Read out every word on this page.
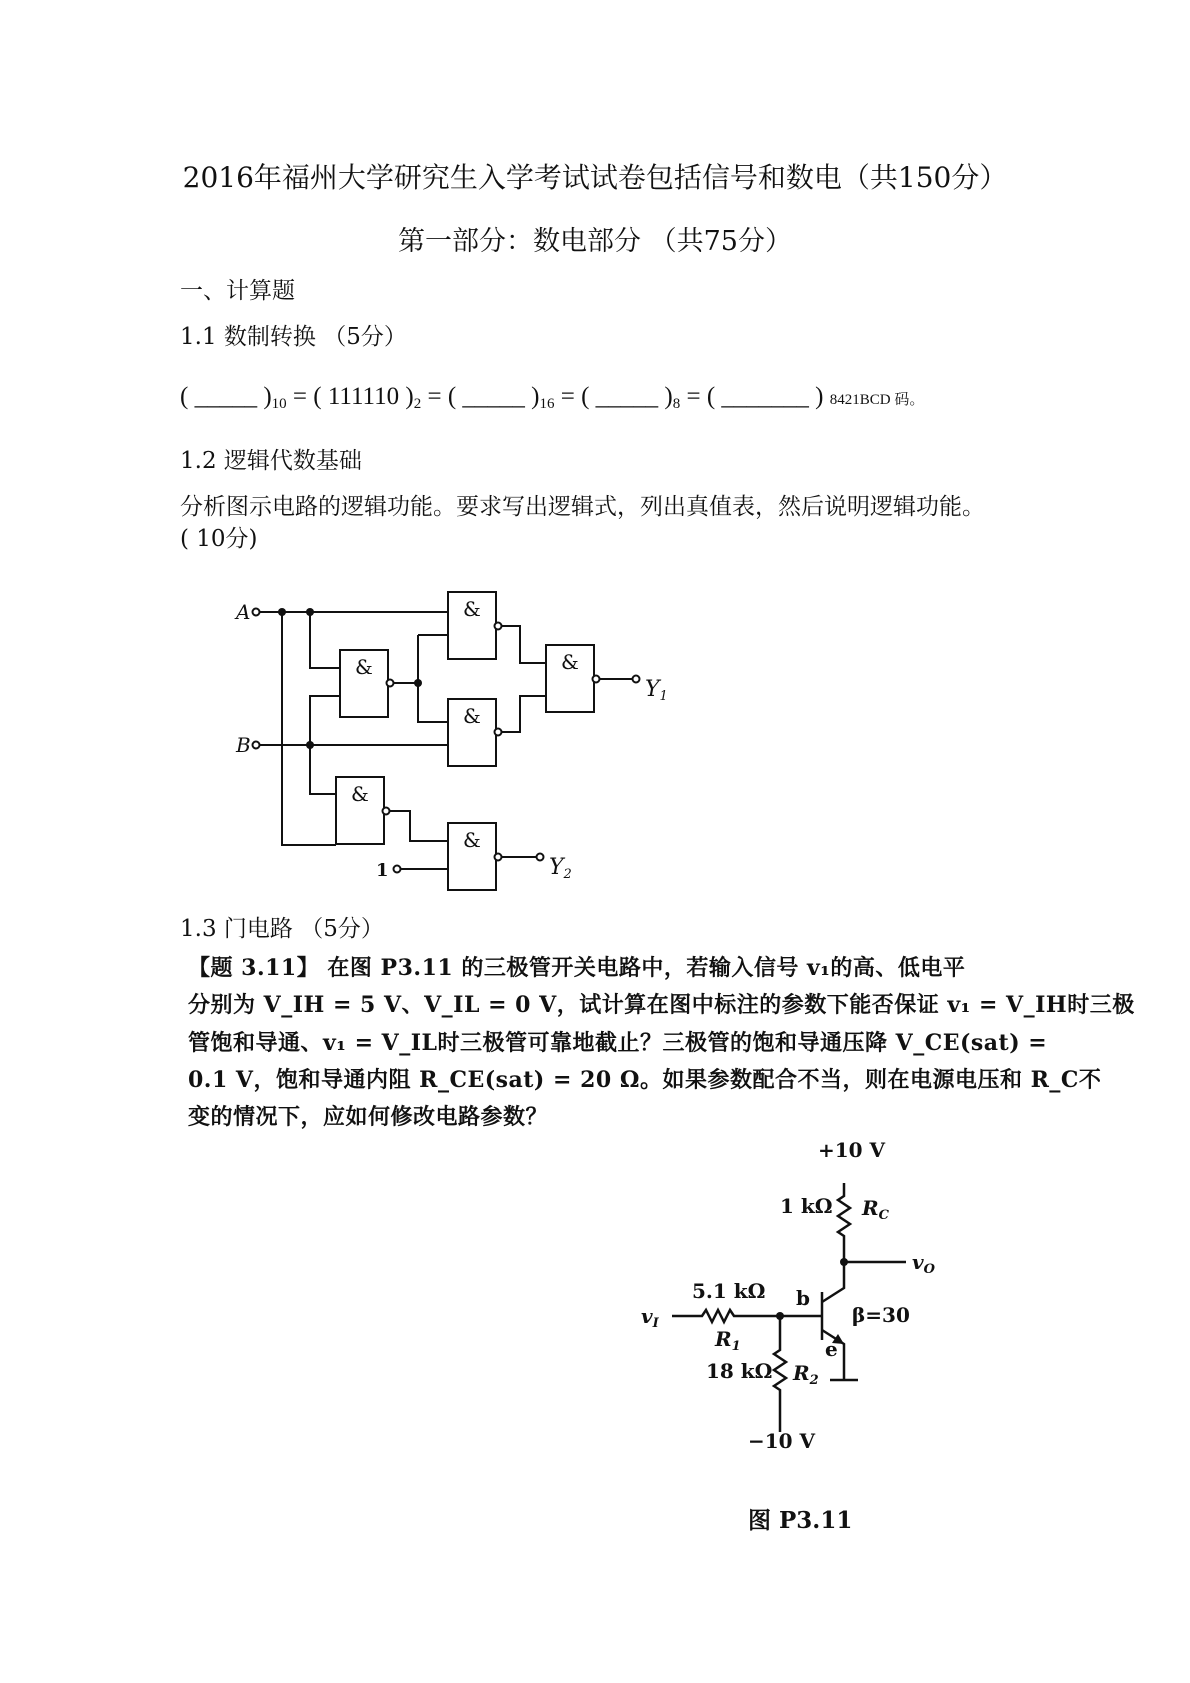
2016年福州大学研究生入学考试试卷包括信号和数电（共150分）
第一部分：数电部分 （共75分）
一、计算题
1.1 数制转换 （5分）
( _____ )$_{10}$ = ( 111110 )$_2$ = ( _____ )$_{16}$ = ( _____ )$_8$ = ( _______ ) 8421BCD 码。
1.2 逻辑代数基础
分析图示电路的逻辑功能。要求写出逻辑式，列出真值表，然后说明逻辑功能。
( 10分)
A
B
1
&
&
&
&
&
&
Y1
Y2
1.3 门电路 （5分）
【题 3.11】 在图 P3.11 的三极管开关电路中，若输入信号 v₁的高、低电平
分别为 V_IH = 5 V、V_IL = 0 V，试计算在图中标注的参数下能否保证 v₁ = V_IH时三极
管饱和导通、v₁ = V_IL时三极管可靠地截止？三极管的饱和导通压降 V_CE(sat) =
0.1 V，饱和导通内阻 R_CE(sat) = 20 Ω。如果参数配合不当，则在电源电压和 R_C不
变的情况下，应如何修改电路参数？
+10 V
1 kΩ $R_C$
$v_O$
5.1 kΩ
$R_1$
$v_I$
b
e
β=30
18 kΩ $R_2$
−10 V
图 P3.11
